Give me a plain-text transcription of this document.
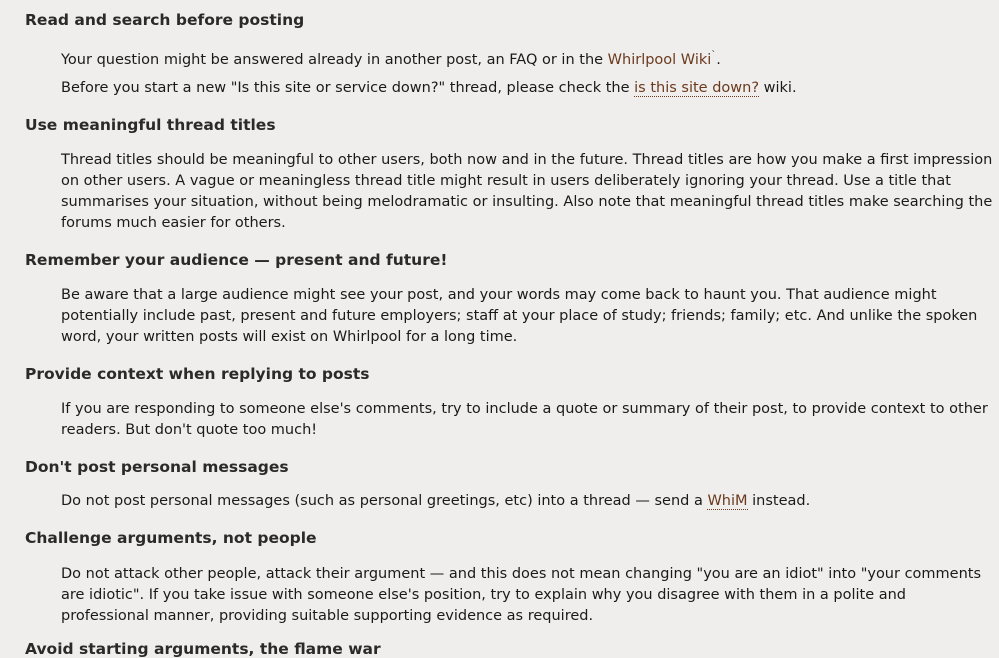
Read and search before posting

Your question might be answered already in another post, an FAQ or in the Whirlpool Wiki`.

Before you start a new "Is this site or service down?" thread, please check the is this site down? wiki.

Use meaningful thread titles

Thread titles should be meaningful to other users, both now and in the future. Thread titles are how you make a first impression on other users. A vague or meaningless thread title might result in users deliberately ignoring your thread. Use a title that summarises your situation, without being melodramatic or insulting. Also note that meaningful thread titles make searching the forums much easier for others.

Remember your audience — present and future!

Be aware that a large audience might see your post, and your words may come back to haunt you. That audience might potentially include past, present and future employers; staff at your place of study; friends; family; etc. And unlike the spoken word, your written posts will exist on Whirlpool for a long time.

Provide context when replying to posts

If you are responding to someone else's comments, try to include a quote or summary of their post, to provide context to other readers. But don't quote too much!

Don't post personal messages

Do not post personal messages (such as personal greetings, etc) into a thread — send a WhiM instead.

Challenge arguments, not people

Do not attack other people, attack their argument — and this does not mean changing "you are an idiot" into "your comments are idiotic". If you take issue with someone else's position, try to explain why you disagree with them in a polite and professional manner, providing suitable supporting evidence as required.

Avoid starting arguments, the flame war
